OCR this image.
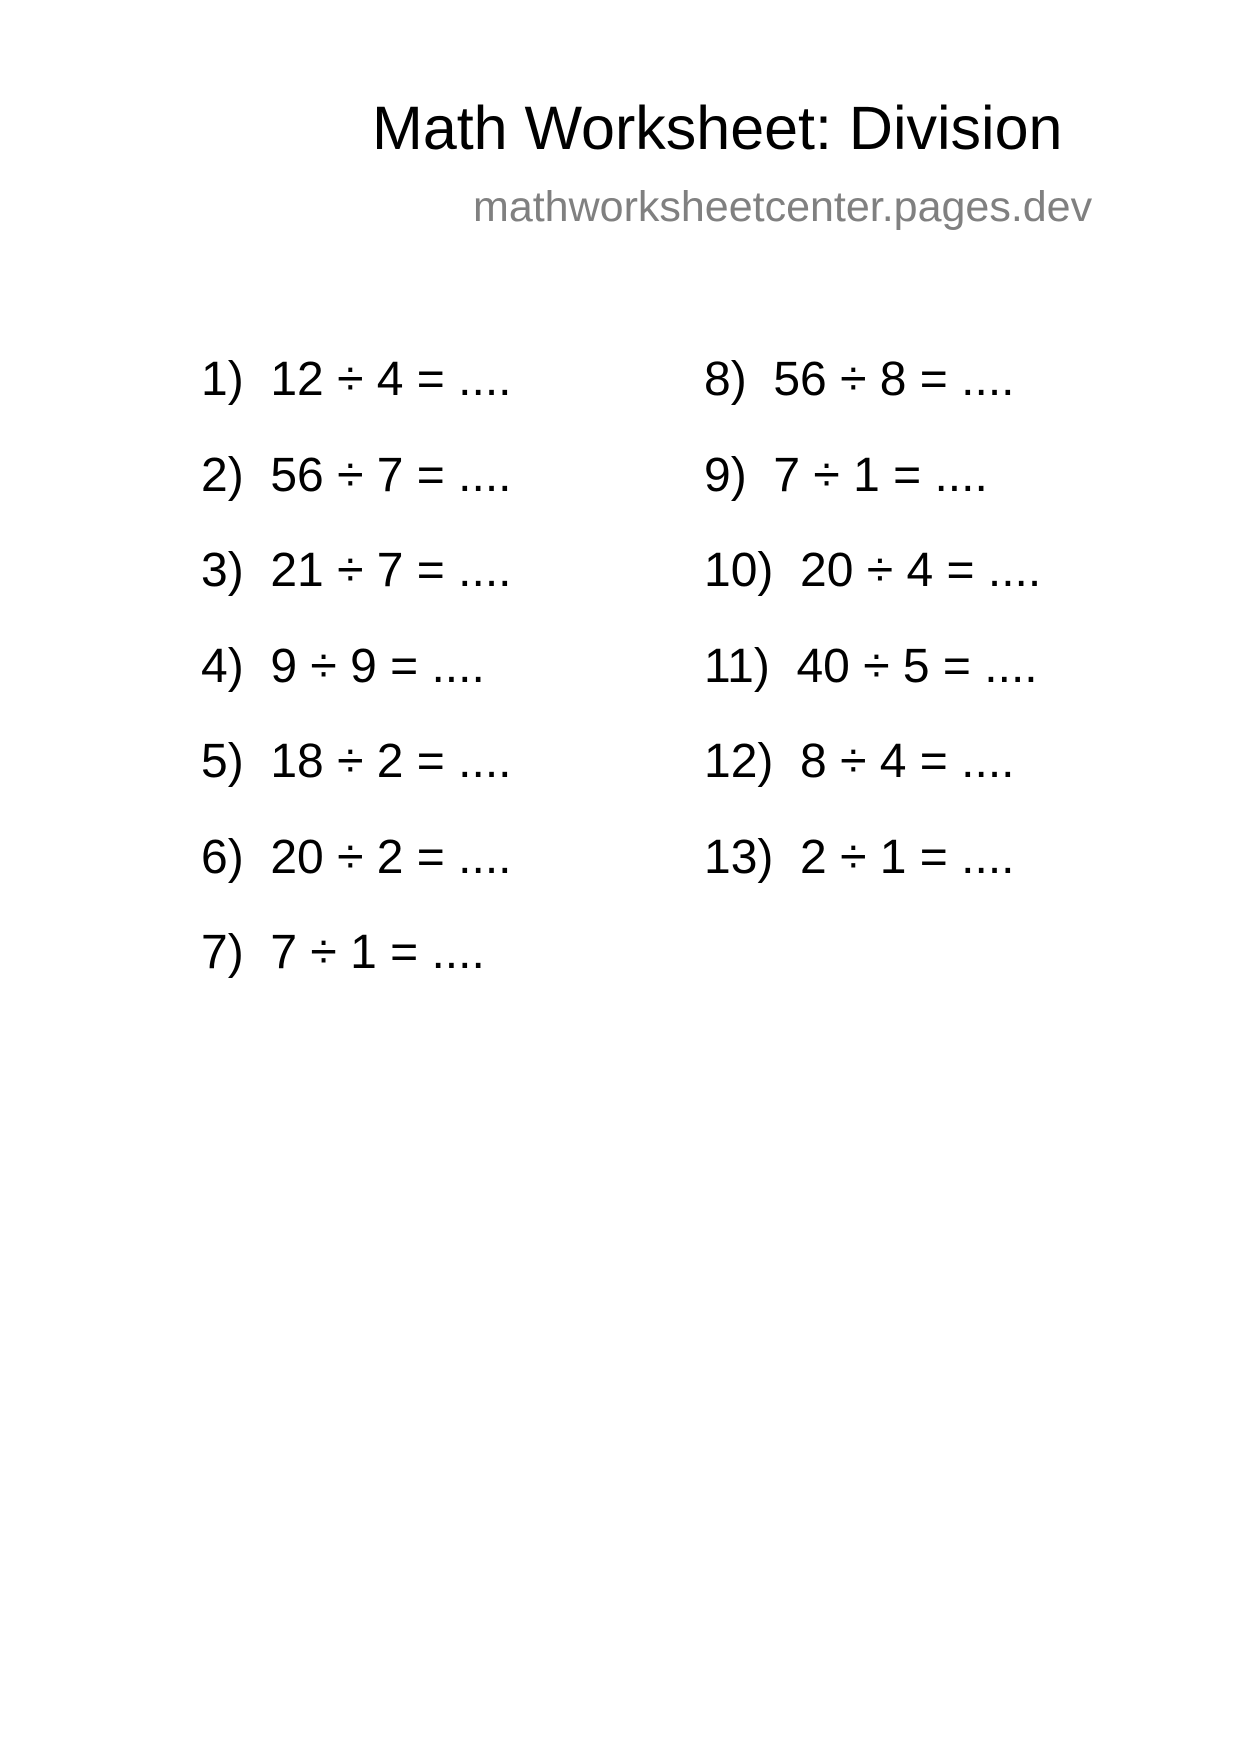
Math Worksheet: Division
mathworksheetcenter.pages.dev
1)  12 ÷ 4 = ....
2)  56 ÷ 7 = ....
3)  21 ÷ 7 = ....
4)  9 ÷ 9 = ....
5)  18 ÷ 2 = ....
6)  20 ÷ 2 = ....
7)  7 ÷ 1 = ....
8)  56 ÷ 8 = ....
9)  7 ÷ 1 = ....
10)  20 ÷ 4 = ....
11)  40 ÷ 5 = ....
12)  8 ÷ 4 = ....
13)  2 ÷ 1 = ....
